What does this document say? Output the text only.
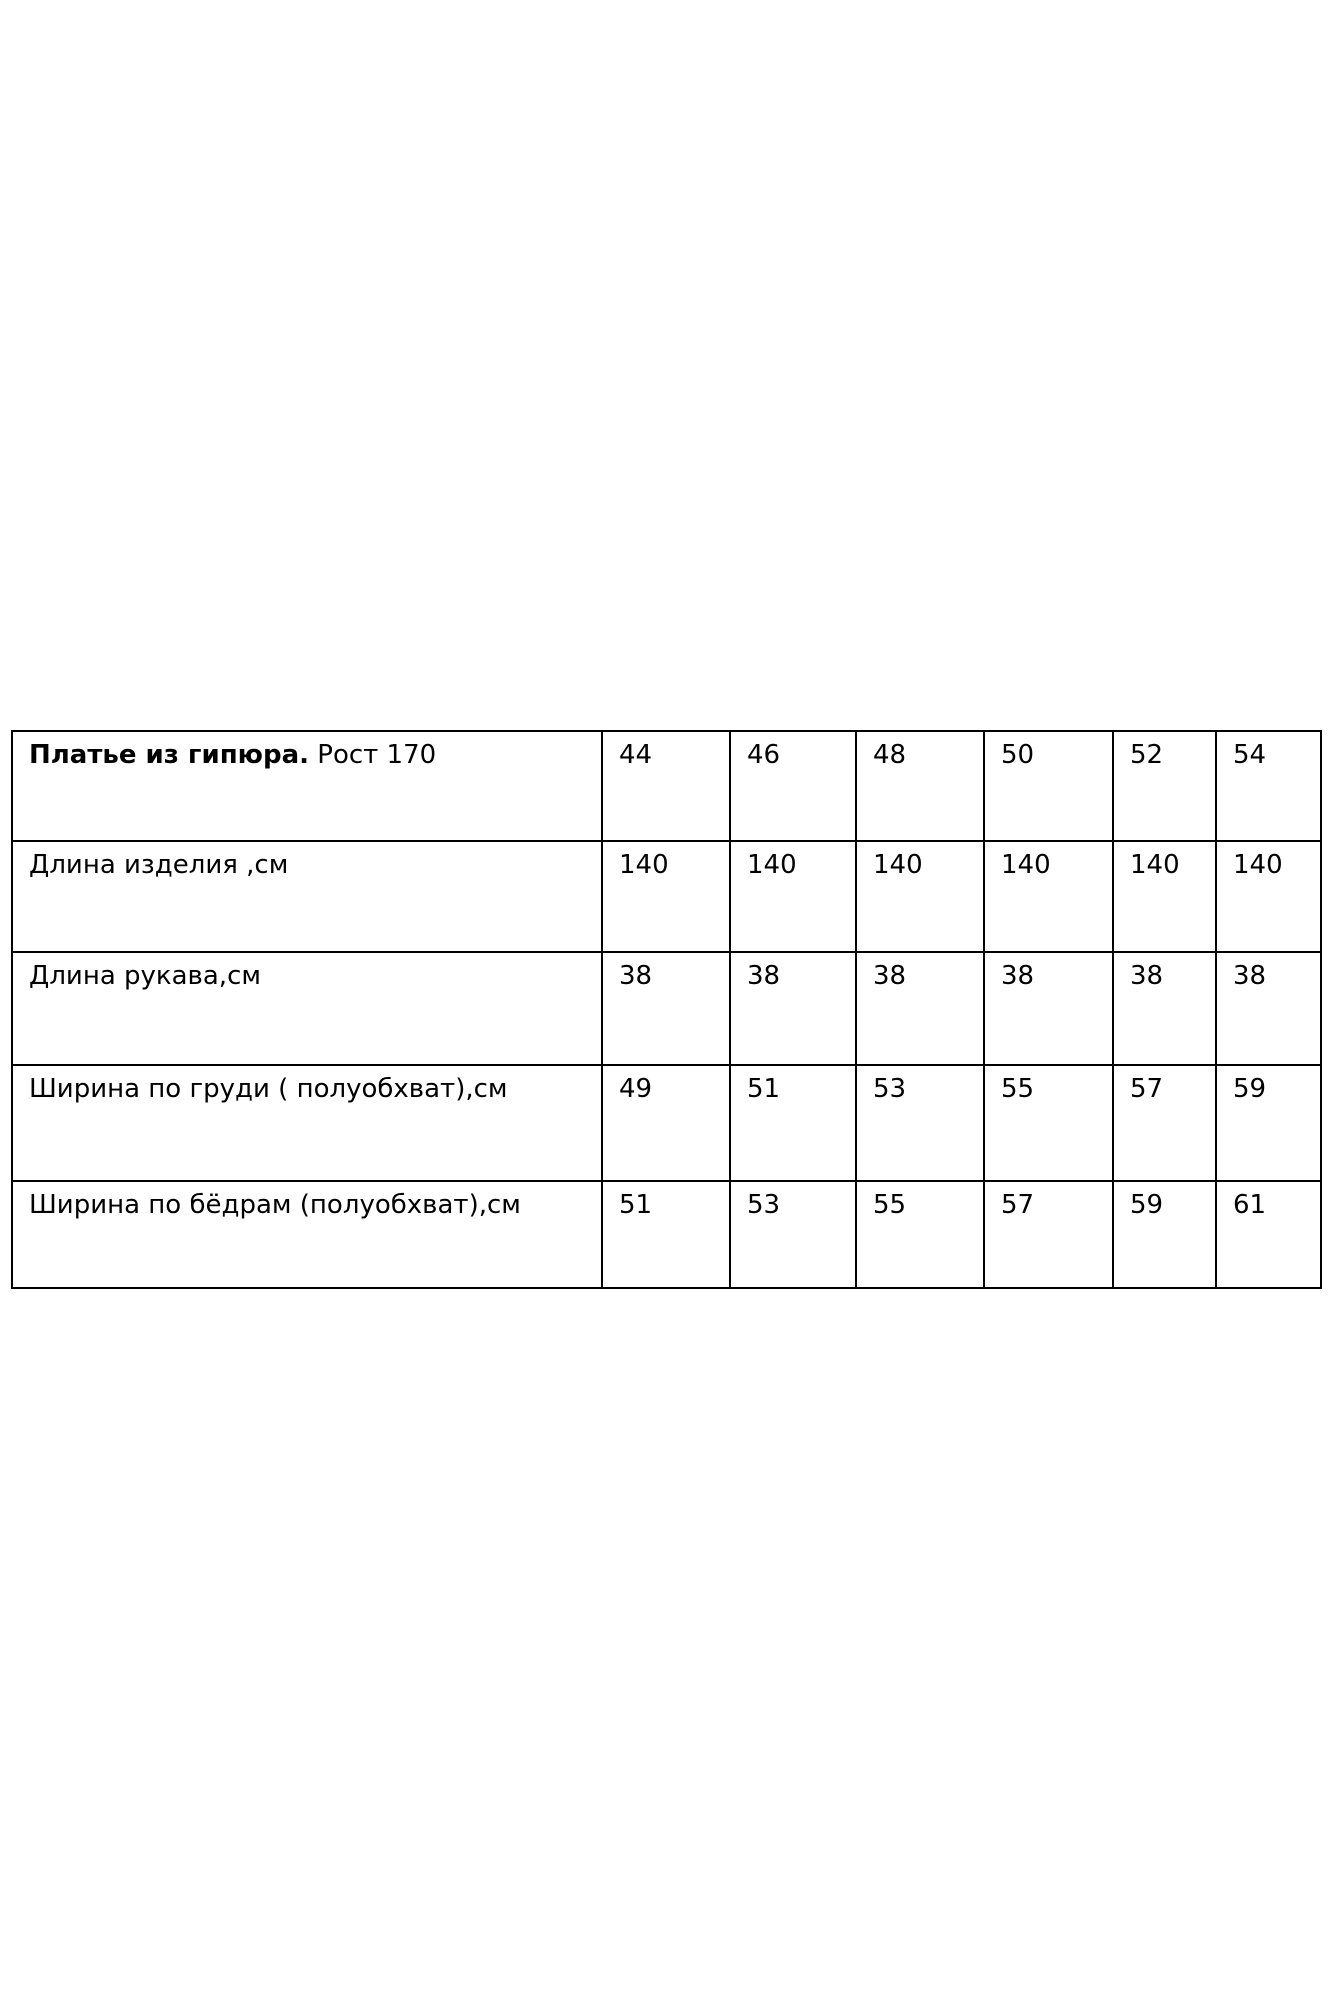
Платье из гипюра. Рост 170	44	46	48	50	52	54
Длина изделия ,см	140	140	140	140	140	140
Длина рукава,см	38	38	38	38	38	38
Ширина по груди ( полуобхват),см	49	51	53	55	57	59
Ширина по бёдрам (полуобхват),см	51	53	55	57	59	61
